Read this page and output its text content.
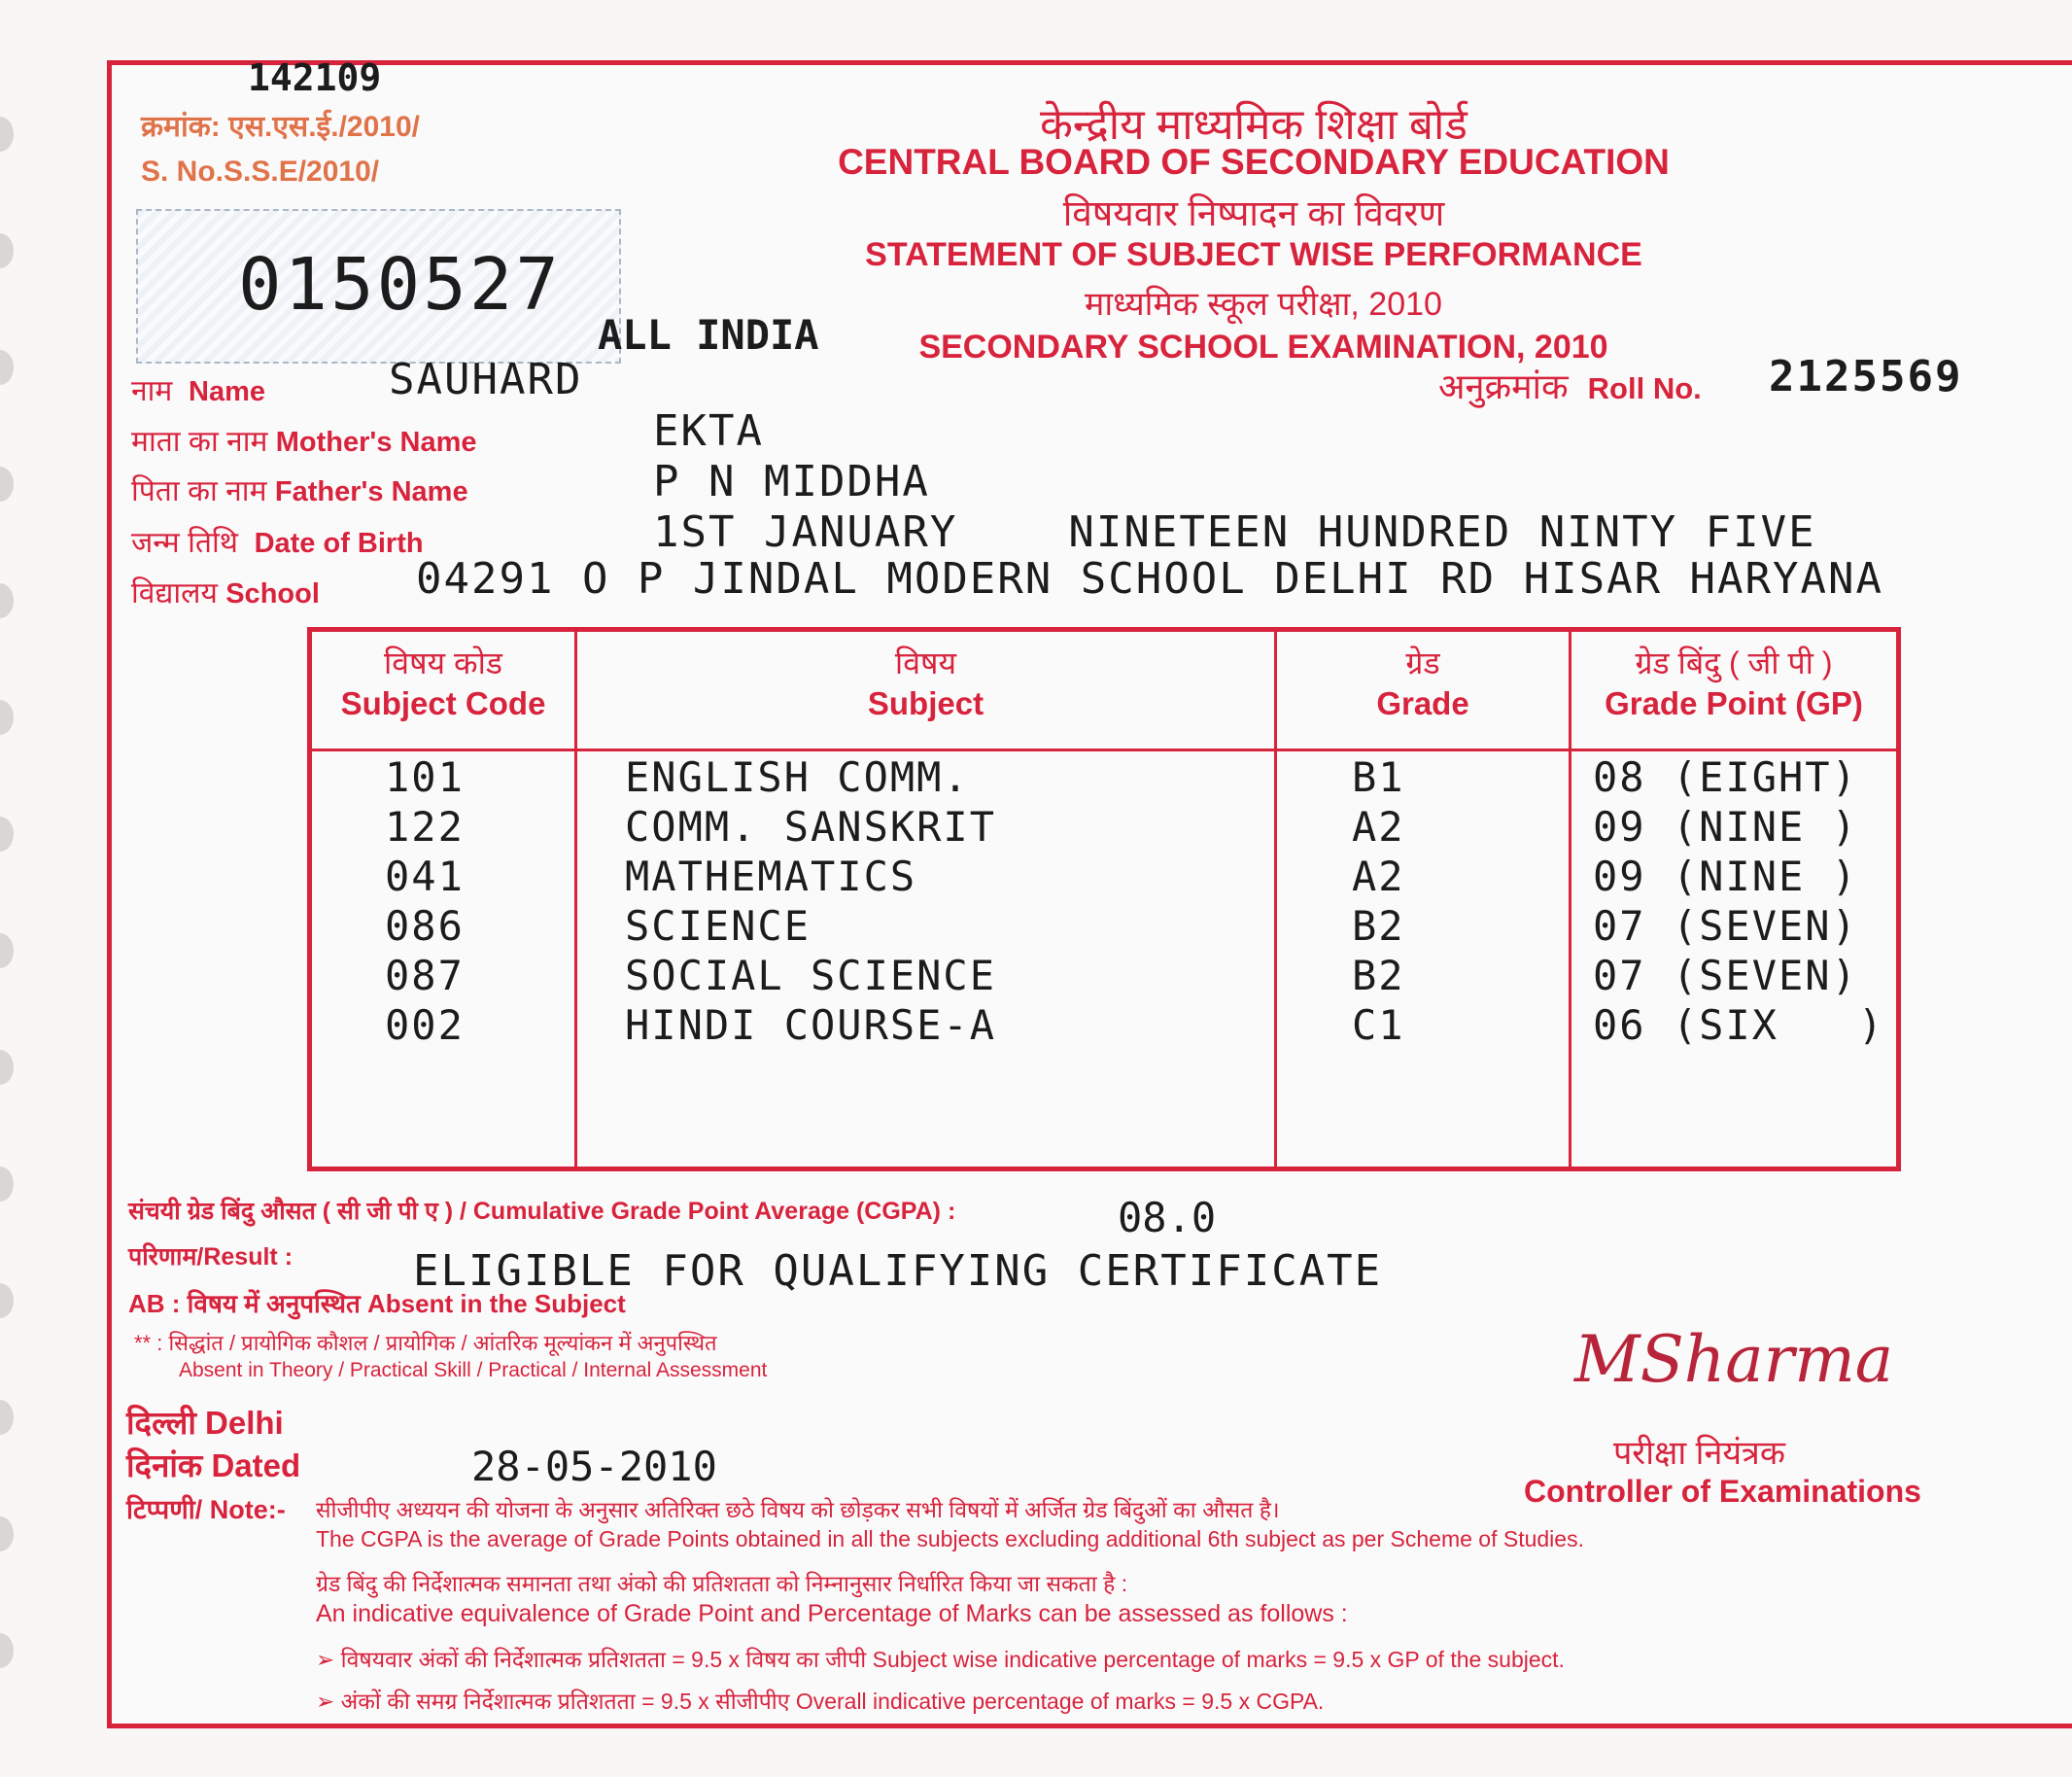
142109
क्रमांक: एस.एस.ई./2010/
S. No.S.S.E/2010/
0150527
ALL INDIA
केन्द्रीय माध्यमिक शिक्षा बोर्ड
CENTRAL BOARD OF SECONDARY EDUCATION
विषयवार निष्पादन का विवरण
STATEMENT OF SUBJECT WISE PERFORMANCE
माध्यमिक स्कूल परीक्षा, 2010
SECONDARY SCHOOL EXAMINATION, 2010
नाम Name	SAUHARD	अनुक्रमांक Roll No. 2125569
माता का नाम Mother's Name	EKTA
पिता का नाम Father's Name	P N MIDDHA
जन्म तिथि Date of Birth	1ST JANUARY    NINETEEN HUNDRED NINTY FIVE
विद्यालय School 04291 O P JINDAL MODERN SCHOOL DELHI RD HISAR HARYANA
विषय कोड
Subject Code
विषय
Subject
ग्रेड
Grade
ग्रेड बिंदु ( जी पी )
Grade Point (GP)
101	ENGLISH COMM.	B1	08 (EIGHT)
122	COMM. SANSKRIT	A2	09 (NINE )
041	MATHEMATICS	A2	09 (NINE )
086	SCIENCE	B2	07 (SEVEN)
087	SOCIAL SCIENCE	B2	07 (SEVEN)
002	HINDI COURSE-A	C1	06 (SIX   )
संचयी ग्रेड बिंदु औसत ( सी जी पी ए ) / Cumulative Grade Point Average (CGPA) :	08.0
परिणाम/Result :	ELIGIBLE FOR QUALIFYING CERTIFICATE
AB : विषय में अनुपस्थित Absent in the Subject
** : सिद्धांत / प्रायोगिक कौशल / प्रायोगिक / आंतरिक मूल्यांकन में अनुपस्थित
Absent in Theory / Practical Skill / Practical / Internal Assessment
दिल्ली Delhi
दिनांक Dated	28-05-2010
MSharma
परीक्षा नियंत्रक
Controller of Examinations
टिप्पणी/ Note:- सीजीपीए अध्ययन की योजना के अनुसार अतिरिक्त छठे विषय को छोड़कर सभी विषयों में अर्जित ग्रेड बिंदुओं का औसत है।
The CGPA is the average of Grade Points obtained in all the subjects excluding additional 6th subject as per Scheme of Studies.
ग्रेड बिंदु की निर्देशात्मक समानता तथा अंको की प्रतिशतता को निम्नानुसार निर्धारित किया जा सकता है :
An indicative equivalence of Grade Point and Percentage of Marks can be assessed as follows :
➢ विषयवार अंकों की निर्देशात्मक प्रतिशतता = 9.5 x विषय का जीपी Subject wise indicative percentage of marks = 9.5 x GP of the subject.
➢ अंकों की समग्र निर्देशात्मक प्रतिशतता = 9.5 x सीजीपीए Overall indicative percentage of marks = 9.5 x CGPA.
